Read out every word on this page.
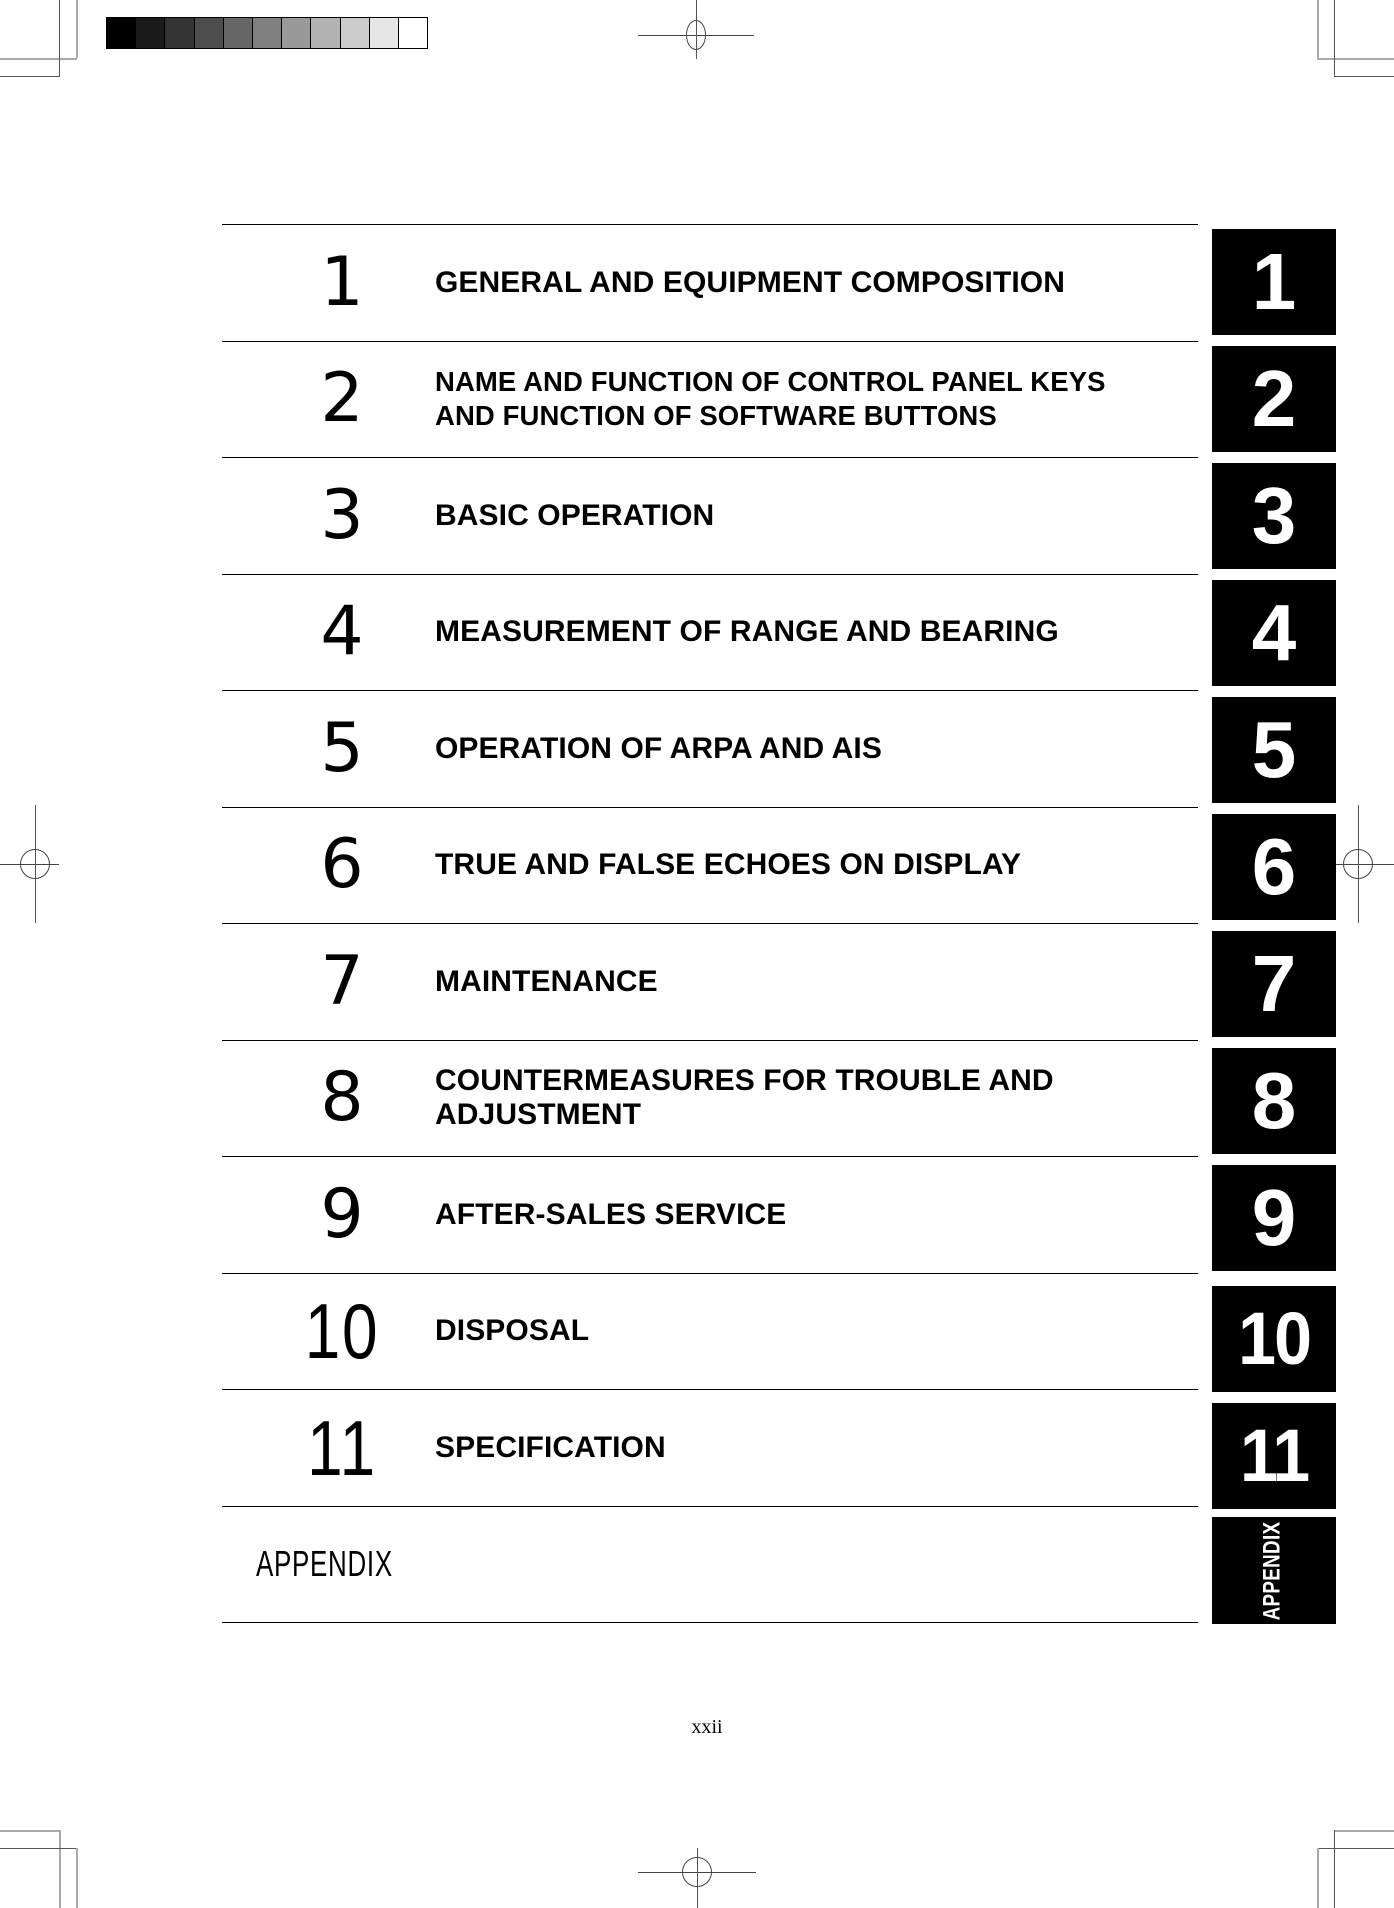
1	GENERAL AND EQUIPMENT COMPOSITION
2	NAME AND FUNCTION OF CONTROL PANEL KEYS
AND FUNCTION OF SOFTWARE BUTTONS
3	BASIC OPERATION
4	MEASUREMENT OF RANGE AND BEARING
5	OPERATION OF ARPA AND AIS
6	TRUE AND FALSE ECHOES ON DISPLAY
7	MAINTENANCE
8	COUNTERMEASURES FOR TROUBLE AND
ADJUSTMENT
9	AFTER-SALES SERVICE
10	DISPOSAL
11	SPECIFICATION
APPENDIX
1
2
3
4
5
6
7
8
9
10
11
APPENDIX
xxii
